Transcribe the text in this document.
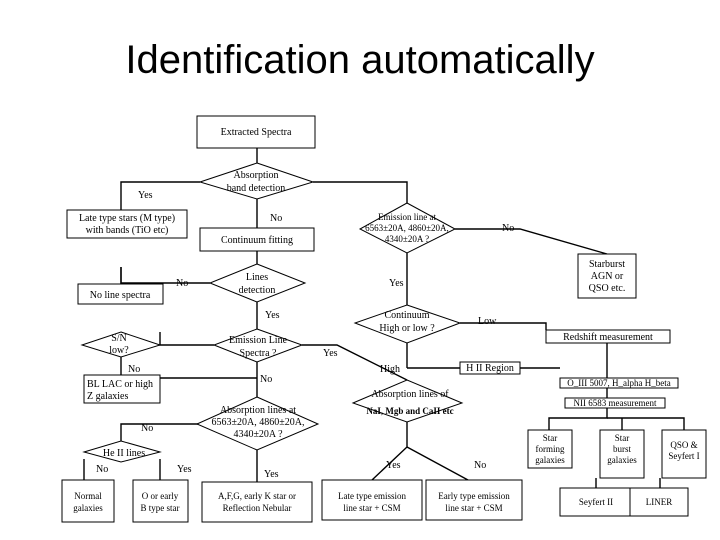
Identification automatically
Extracted Spectra
Absorption
band detection
Late type stars (M type)
with bands (TiO etc)
Continuum fitting
Emission line at
6563±20A, 4860±20A,
4340±20A ?
Lines
detection
No line spectra
Starburst
AGN or
QSO etc.
S/N
low?
Emission Line
Spectra ?
Continuum
High or low ?
Redshift measurement
BL LAC or high
Z galaxies
H II Region
O_III 5007, H_alpha H_beta
NII 6583 measurement
Absorption lines of
NaI, Mgb and CaII etc
Absorption lines at
6563±20A, 4860±20A,
4340±20A ?
He II lines
Star
forming
galaxies
Star
burst
galaxies
QSO &
Seyfert I
Normal
galaxies
O or early
B type star
A,F,G, early K star or
Reflection Nebular
Late type emission
line star + CSM
Early type emission
line star + CSM
Seyfert II	LINER
Yes
No
No
No	Yes
Yes
Low
Yes
No	High
No
No
No	Yes	Yes
Yes	No
